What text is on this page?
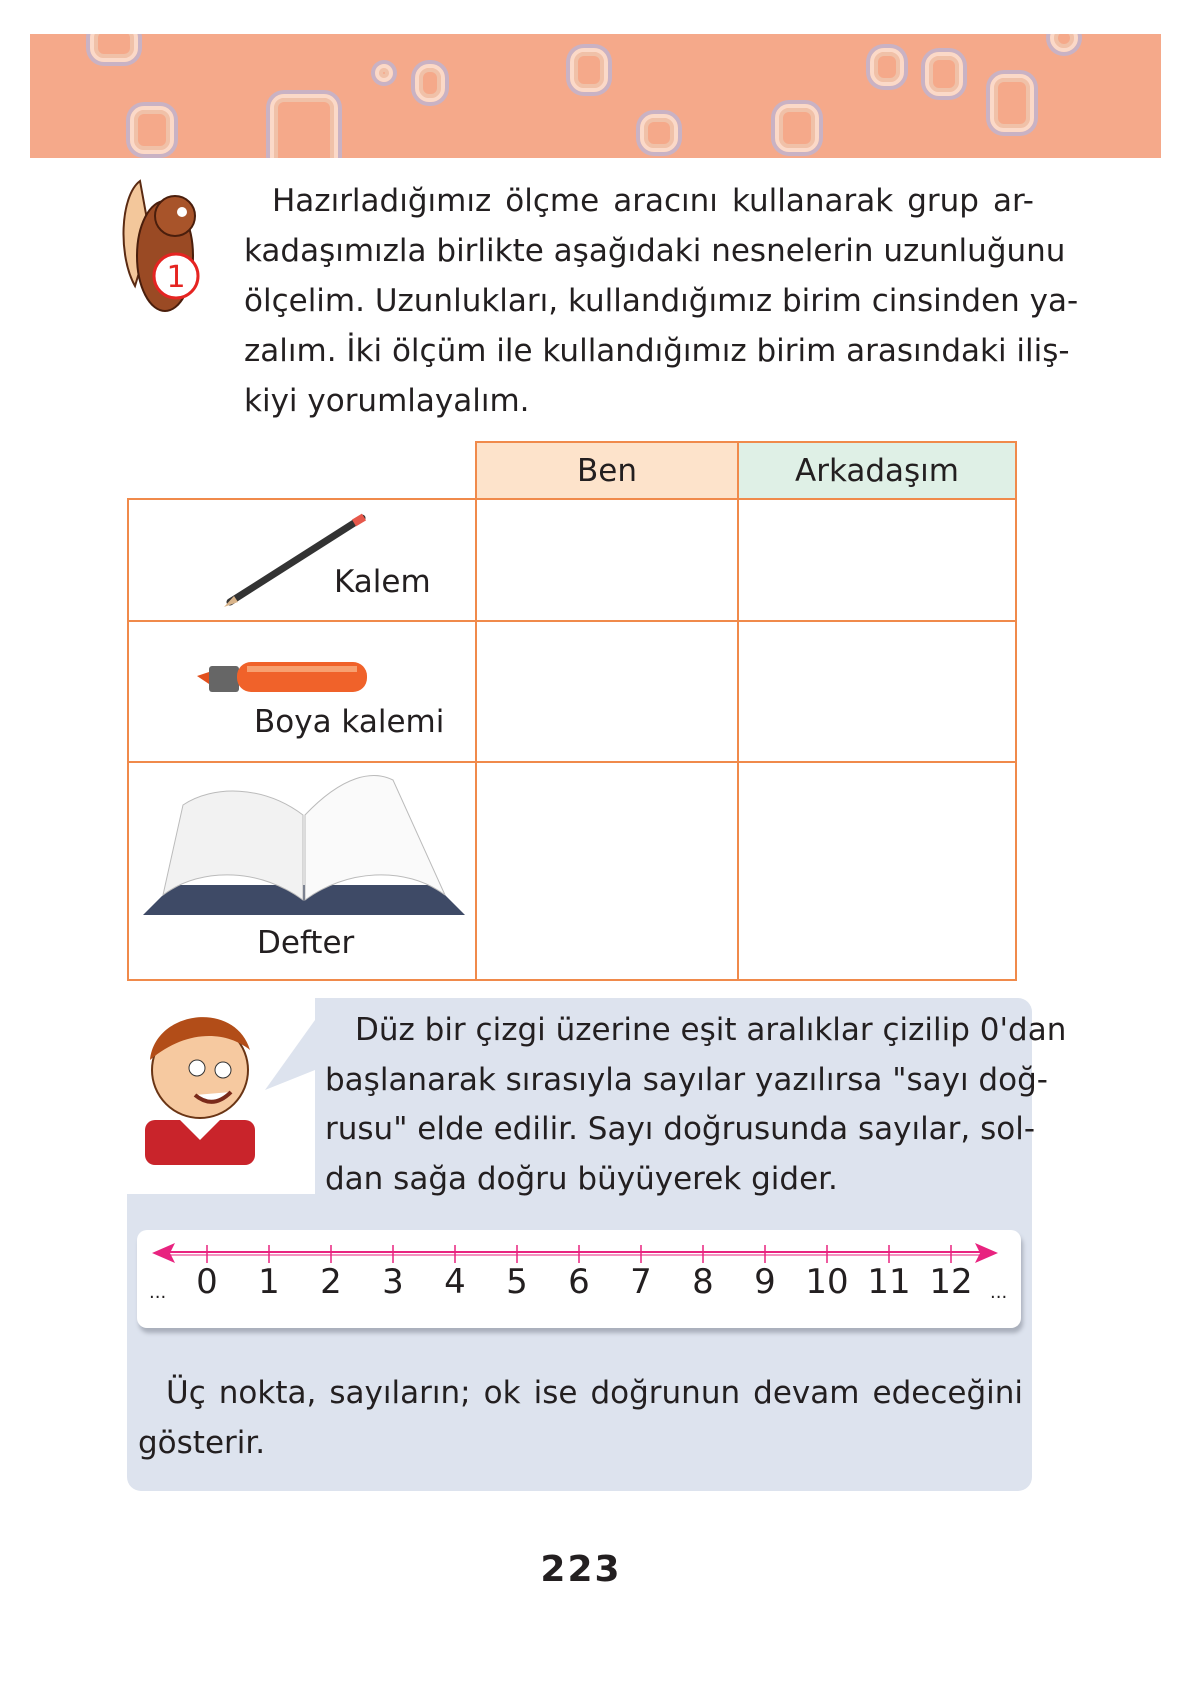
1
Hazırladığımız ölçme aracını kullanarak grup ar-
kadaşımızla birlikte aşağıdaki nesnelerin uzunluğunu
ölçelim. Uzunlukları, kullandığımız birim cinsinden ya-
zalım. İki ölçüm ile kullandığımız birim arasındaki iliş-
kiyi yorumlayalım.
	Ben	Arkadaşım

Kalem		

Boya kalemi		

Defter		

Düz bir çizgi üzerine eşit aralıklar çizilip 0'dan
başlanarak sırasıyla sayılar yazılırsa "sayı doğ-
rusu" elde edilir. Sayı doğrusunda sayılar, sol-
dan sağa doğru büyüyerek gider.
...	...
0 1 2 3 4 5 6 7 8 9 10 11 12
Üç nokta, sayıların; ok ise doğrunun devam edeceğini
gösterir.
223
